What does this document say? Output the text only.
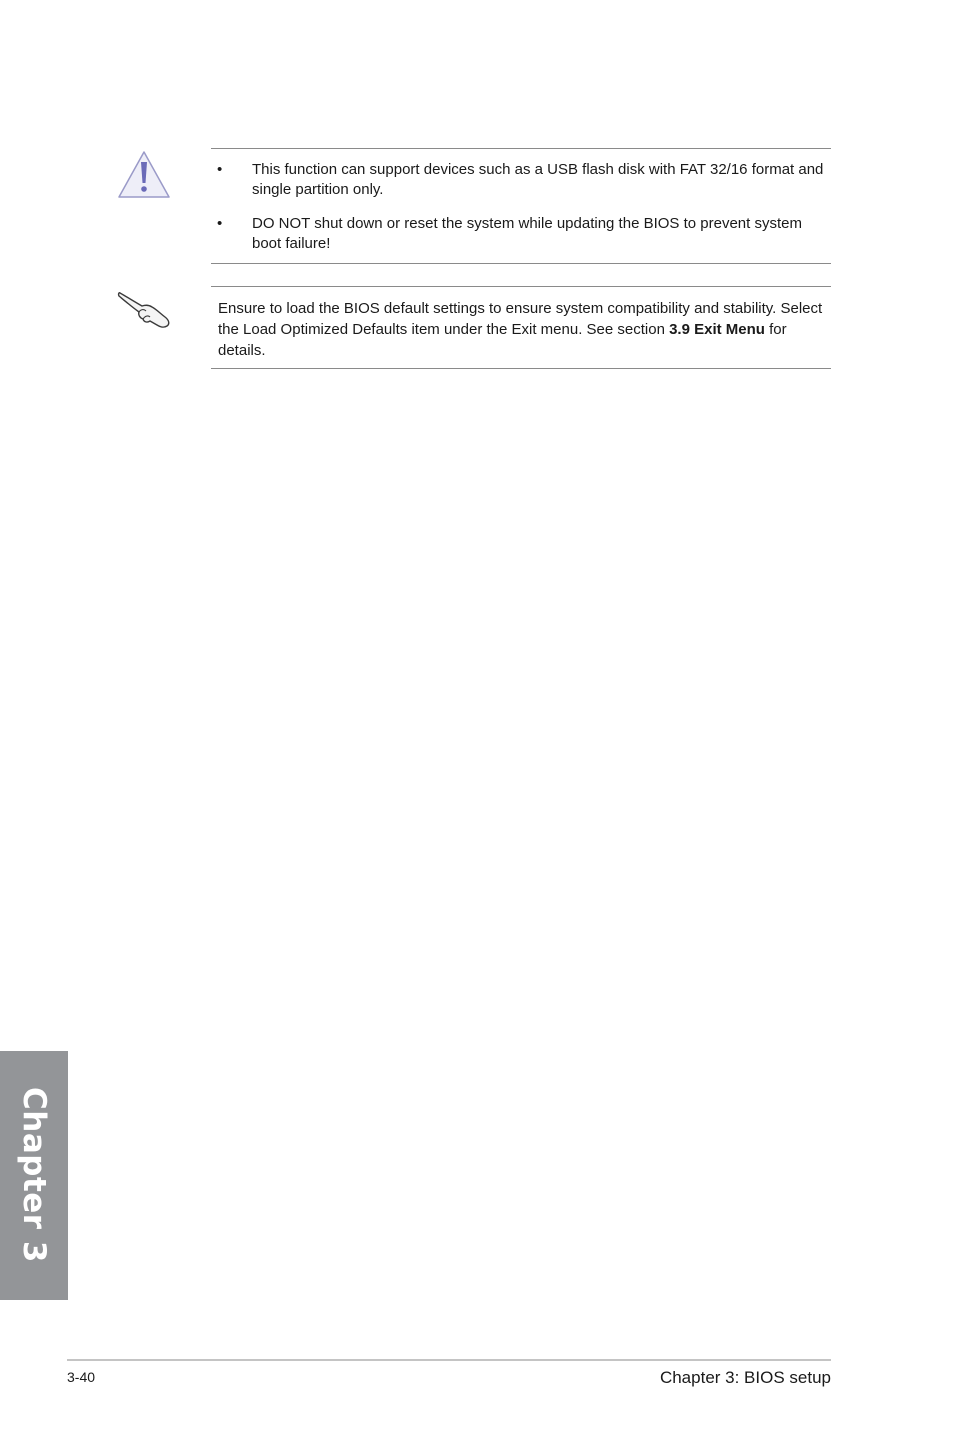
• This function can support devices such as a USB flash disk with FAT 32/16 format and single partition only.
• DO NOT shut down or reset the system while updating the BIOS to prevent system boot failure!
Ensure to load the BIOS default settings to ensure system compatibility and stability. Select the Load Optimized Defaults item under the Exit menu. See section 3.9 Exit Menu for details.
Chapter 3
3-40	Chapter 3: BIOS setup
